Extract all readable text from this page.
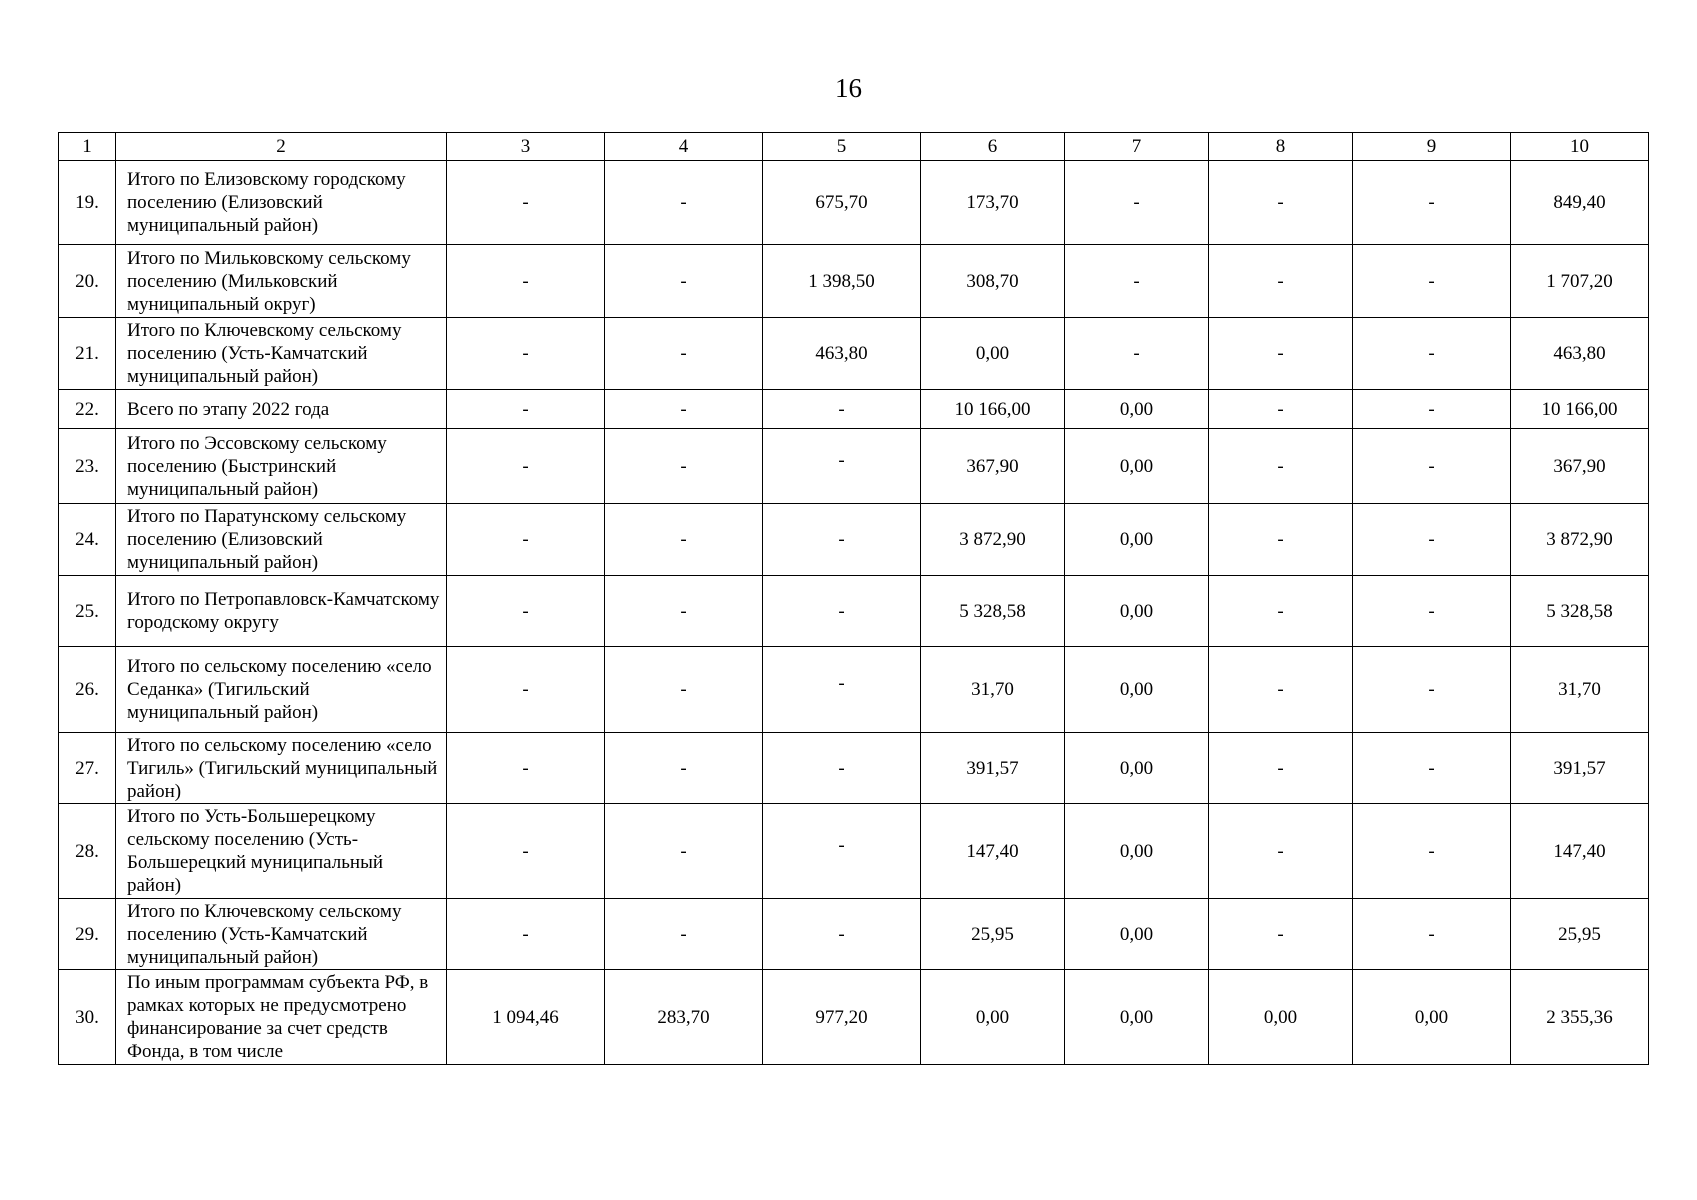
16
1	2	3	4	5	6	7	8	9	10
19.	Итого по Елизовскому городскому поселению (Елизовский муниципальный район)	-	-	675,70	173,70	-	-	-	849,40
20.	Итого по Мильковскому сельскому поселению (Мильковский муниципальный округ)	-	-	1 398,50	308,70	-	-	-	1 707,20
21.	Итого по Ключевскому сельскому поселению (Усть-Камчатский муниципальный район)	-	-	463,80	0,00	-	-	-	463,80
22.	Всего по этапу 2022 года	-	-	-	10 166,00	0,00	-	-	10 166,00
23.	Итого по Эссовскому сельскому поселению (Быстринский муниципальный район)	-	-	-	367,90	0,00	-	-	367,90
24.	Итого по Паратунскому сельскому поселению (Елизовский муниципальный район)	-	-	-	3 872,90	0,00	-	-	3 872,90
25.	Итого по Петропавловск-Камчатскому городскому округу	-	-	-	5 328,58	0,00	-	-	5 328,58
26.	Итого по сельскому поселению «село Седанка» (Тигильский муниципальный район)	-	-	-	31,70	0,00	-	-	31,70
27.	Итого по сельскому поселению «село Тигиль» (Тигильский муниципальный район)	-	-	-	391,57	0,00	-	-	391,57
28.	Итого по Усть-Большерецкому сельскому поселению (Усть-Большерецкий муниципальный район)	-	-	-	147,40	0,00	-	-	147,40
29.	Итого по Ключевскому сельскому поселению (Усть-Камчатский муниципальный район)	-	-	-	25,95	0,00	-	-	25,95
30.	По иным программам субъекта РФ, в рамках которых не предусмотрено финансирование за счет средств Фонда, в том числе	1 094,46	283,70	977,20	0,00	0,00	0,00	0,00	2 355,36
